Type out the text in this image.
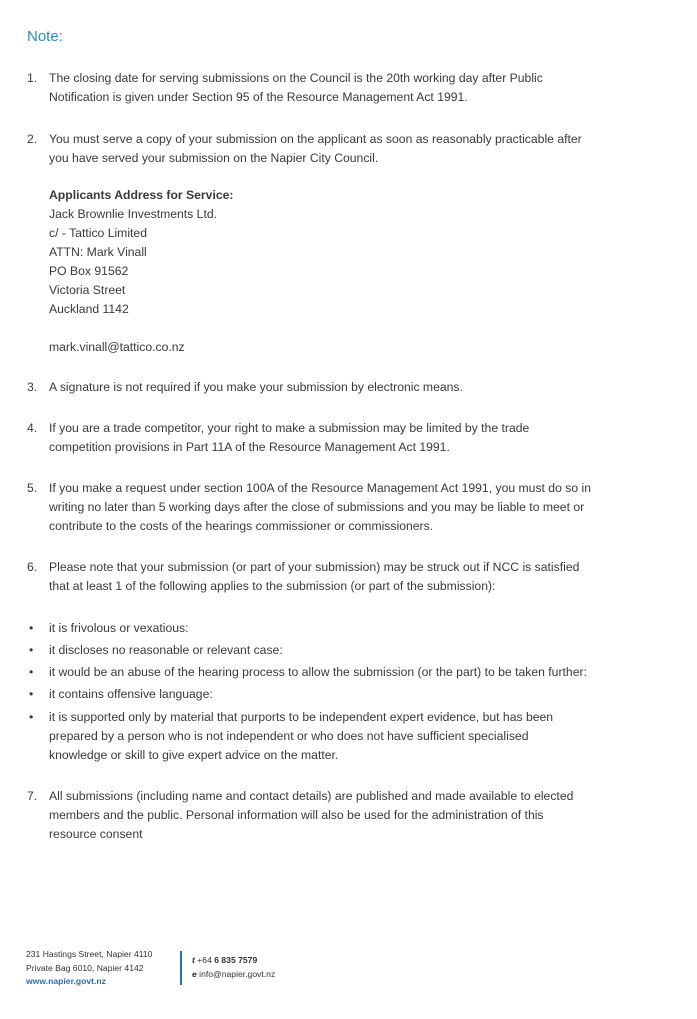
Note:
1. The closing date for serving submissions on the Council is the 20th working day after Public
Notification is given under Section 95 of the Resource Management Act 1991.
2. You must serve a copy of your submission on the applicant as soon as reasonably practicable after
you have served your submission on the Napier City Council.
Applicants Address for Service:
Jack Brownlie Investments Ltd.
c/ - Tattico Limited
ATTN: Mark Vinall
PO Box 91562
Victoria Street
Auckland 1142
mark.vinall@tattico.co.nz
3. A signature is not required if you make your submission by electronic means.
4. If you are a trade competitor, your right to make a submission may be limited by the trade
competition provisions in Part 11A of the Resource Management Act 1991.
5. If you make a request under section 100A of the Resource Management Act 1991, you must do so in
writing no later than 5 working days after the close of submissions and you may be liable to meet or
contribute to the costs of the hearings commissioner or commissioners.
6. Please note that your submission (or part of your submission) may be struck out if NCC is satisfied
that at least 1 of the following applies to the submission (or part of the submission):
• it is frivolous or vexatious:
• it discloses no reasonable or relevant case:
• it would be an abuse of the hearing process to allow the submission (or the part) to be taken further:
• it contains offensive language:
• it is supported only by material that purports to be independent expert evidence, but has been
prepared by a person who is not independent or who does not have sufficient specialised
knowledge or skill to give expert advice on the matter.
7. All submissions (including name and contact details) are published and made available to elected
members and the public. Personal information will also be used for the administration of this
resource consent
231 Hastings Street, Napier 4110
Private Bag 6010, Napier 4142
www.napier.govt.nz
t +64 6 835 7579
e info@napier.govt.nz
